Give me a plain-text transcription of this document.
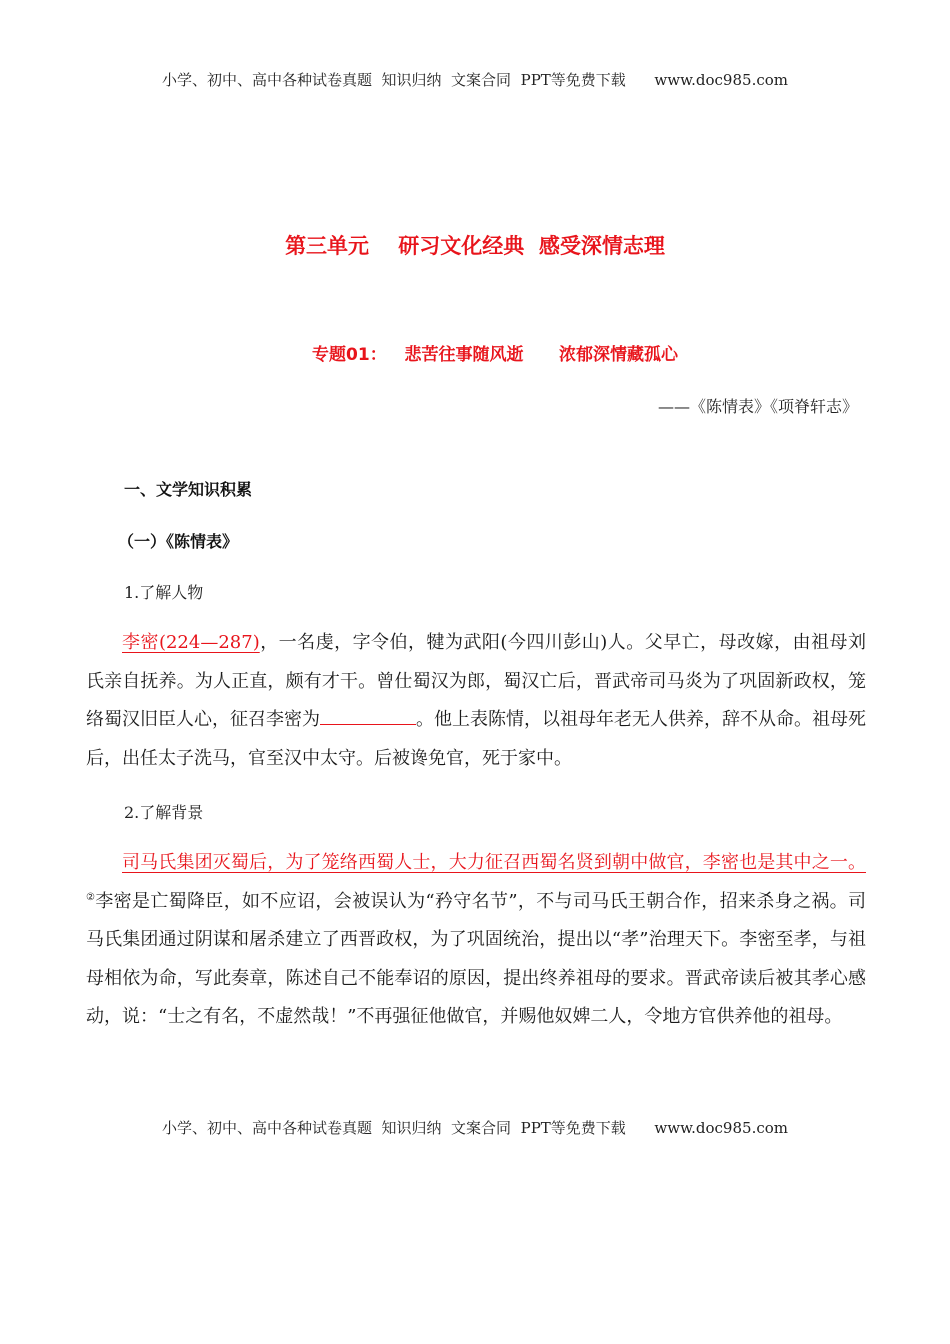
小学、初中、高中各种试卷真题  知识归纳  文案合同  PPT等免费下载      www.doc985.com
第三单元    研习文化经典  感受深情志理
专题01：   悲苦往事随风逝      浓郁深情藏孤心
——《陈情表》《项脊轩志》
一、文学知识积累
（一）《陈情表》
1.了解人物

李密(224—287)，一名虔，字令伯，犍为武阳(今四川彭山)人。父早亡，母改嫁，由祖母刘氏亲自抚养。为人正直，颇有才干。曾仕蜀汉为郎，蜀汉亡后，晋武帝司马炎为了巩固新政权，笼络蜀汉旧臣人心，征召李密为	。他上表陈情，以祖母年老无人供养，辞不从命。祖母死后，出任太子洗马，官至汉中太守。后被谗免官，死于家中。

2.了解背景

司马氏集团灭蜀后，为了笼络西蜀人士，大力征召西蜀名贤到朝中做官，李密也是其中之一。②李密是亡蜀降臣，如不应诏，会被误认为“矜守名节”，不与司马氏王朝合作，招来杀身之祸。司马氏集团通过阴谋和屠杀建立了西晋政权，为了巩固统治，提出以“孝”治理天下。李密至孝，与祖母相依为命，写此奏章，陈述自己不能奉诏的原因，提出终养祖母的要求。晋武帝读后被其孝心感动，说：“士之有名，不虚然哉！”不再强征他做官，并赐他奴婢二人，令地方官供养他的祖母。

小学、初中、高中各种试卷真题  知识归纳  文案合同  PPT等免费下载      www.doc985.com
